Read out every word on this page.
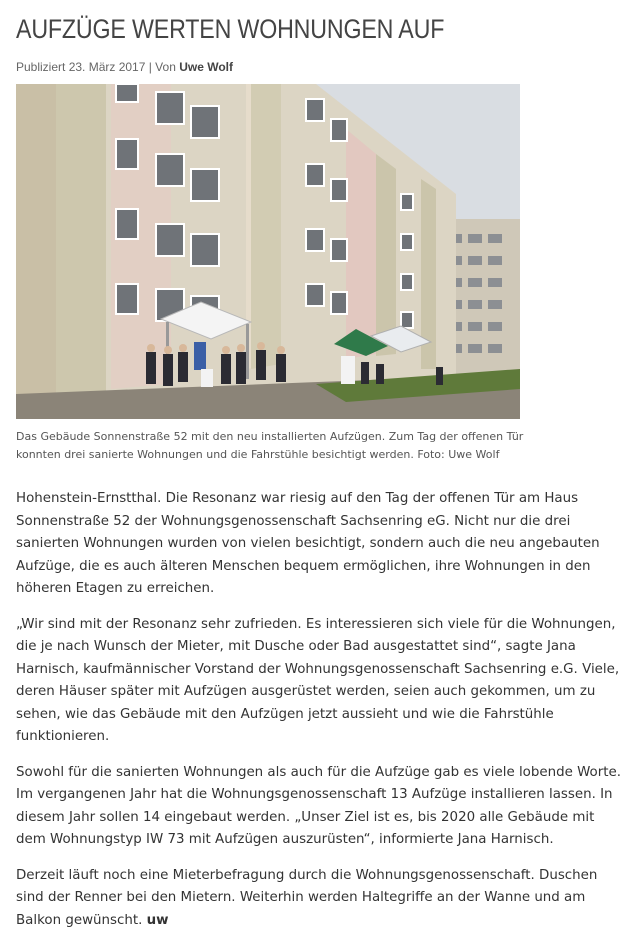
AUFZÜGE WERTEN WOHNUNGEN AUF
Publiziert 23. März 2017 | Von Uwe Wolf

Das Gebäude Sonnenstraße 52 mit den neu installierten Aufzügen. Zum Tag der offenen Tür konnten drei sanierte Wohnungen und die Fahrstühle besichtigt werden. Foto: Uwe Wolf

Hohenstein-Ernstthal. Die Resonanz war riesig auf den Tag der offenen Tür am Haus Sonnenstraße 52 der Wohnungsgenossenschaft Sachsenring eG. Nicht nur die drei sanierten Wohnungen wurden von vielen besichtigt, sondern auch die neu angebauten Aufzüge, die es auch älteren Menschen bequem ermöglichen, ihre Wohnungen in den höheren Etagen zu erreichen.

„Wir sind mit der Resonanz sehr zufrieden. Es interessieren sich viele für die Wohnungen, die je nach Wunsch der Mieter, mit Dusche oder Bad ausgestattet sind“, sagte Jana Harnisch, kaufmännischer Vorstand der Wohnungsgenossenschaft Sachsenring e.G. Viele, deren Häuser später mit Aufzügen ausgerüstet werden, seien auch gekommen, um zu sehen, wie das Gebäude mit den Aufzügen jetzt aussieht und wie die Fahrstühle funktionieren.

Sowohl für die sanierten Wohnungen als auch für die Aufzüge gab es viele lobende Worte. Im vergangenen Jahr hat die Wohnungsgenossenschaft 13 Aufzüge installieren lassen. In diesem Jahr sollen 14 eingebaut werden. „Unser Ziel ist es, bis 2020 alle Gebäude mit dem Wohnungstyp IW 73 mit Aufzügen auszurüsten“, informierte Jana Harnisch.

Derzeit läuft noch eine Mieterbefragung durch die Wohnungsgenossenschaft. Duschen sind der Renner bei den Mietern. Weiterhin werden Haltegriffe an der Wanne und am Balkon gewünscht. uw
